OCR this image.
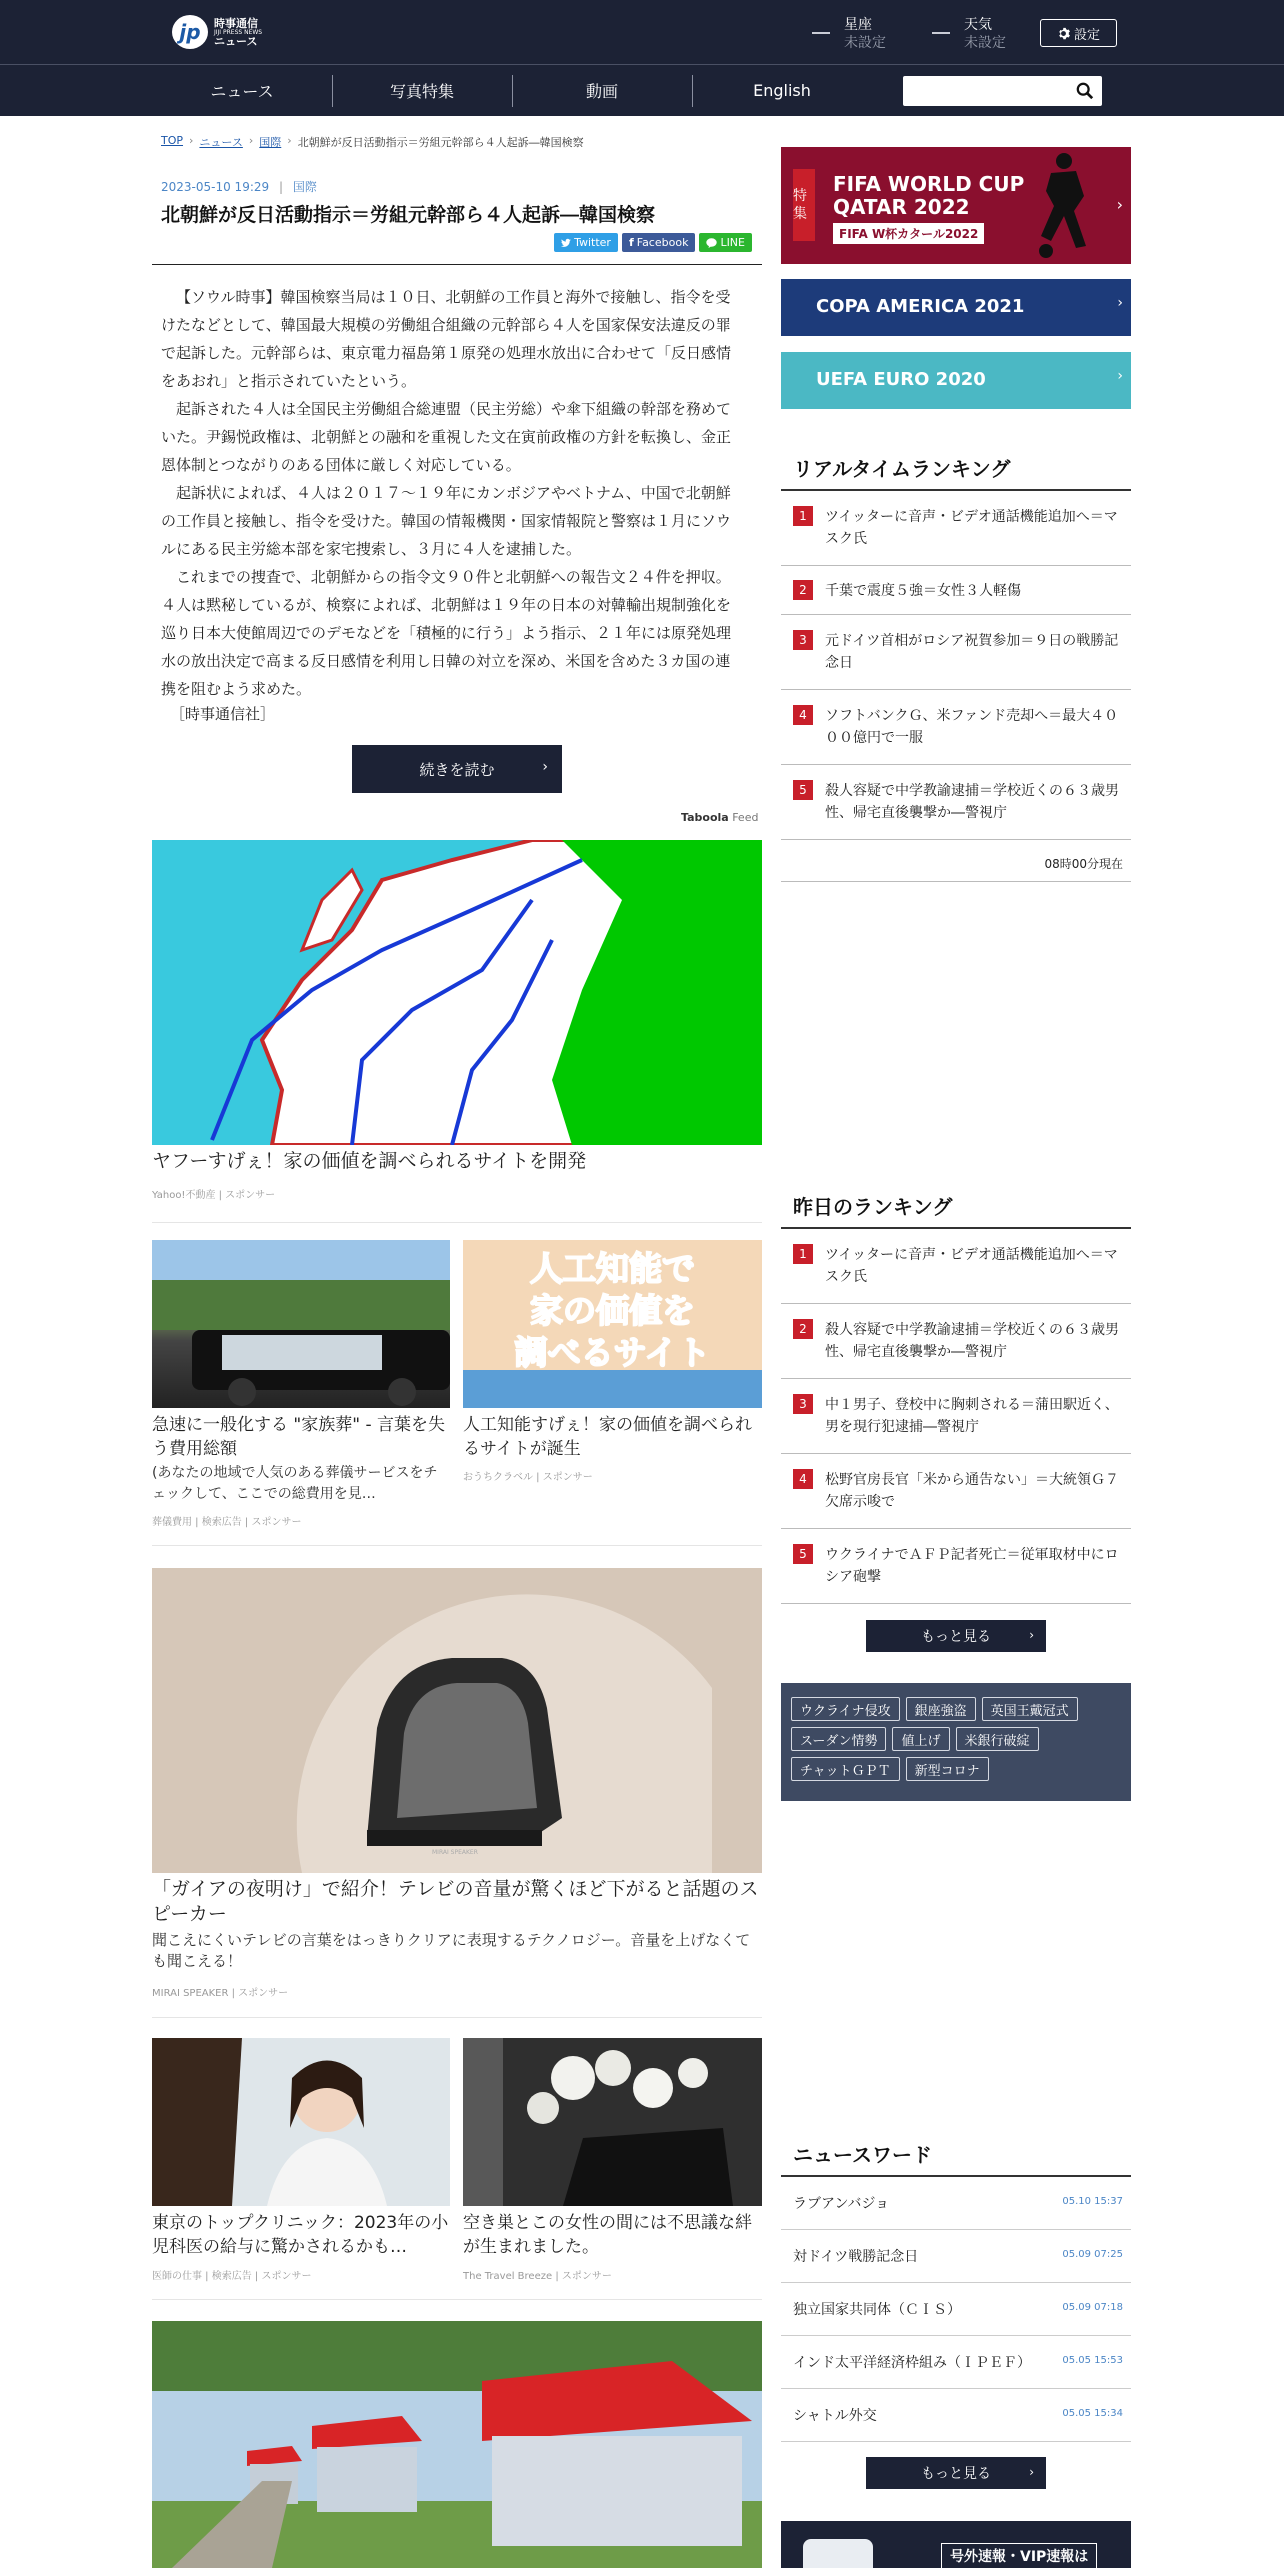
jp	時事通信
JIJI PRESS NEWS
ニュース
星座
未設定
天気
未設定	設定
ニュース	写真特集	動画	English
TOP › ニュース › 国際 › 北朝鮮が反日活動指示＝労組元幹部ら４人起訴―韓国検察
2023-05-10 19:29 | 国際
北朝鮮が反日活動指示＝労組元幹部ら４人起訴―韓国検察
Twitter f Facebook	LINE

【ソウル時事】韓国検察当局は１０日、北朝鮮の工作員と海外で接触し、指令を受けたなどとして、韓国最大規模の労働組合組織の元幹部ら４人を国家保安法違反の罪で起訴した。元幹部らは、東京電力福島第１原発の処理水放出に合わせて「反日感情をあおれ」と指示されていたという。

起訴された４人は全国民主労働組合総連盟（民主労総）や傘下組織の幹部を務めていた。尹錫悦政権は、北朝鮮との融和を重視した文在寅前政権の方針を転換し、金正恩体制とつながりのある団体に厳しく対応している。

起訴状によれば、４人は２０１７～１９年にカンボジアやベトナム、中国で北朝鮮の工作員と接触し、指令を受けた。韓国の情報機関・国家情報院と警察は１月にソウルにある民主労総本部を家宅捜索し、３月に４人を逮捕した。

これまでの捜査で、北朝鮮からの指令文９０件と北朝鮮への報告文２４件を押収。４人は黙秘しているが、検察によれば、北朝鮮は１９年の日本の対韓輸出規制強化を巡り日本大使館周辺でのデモなどを「積極的に行う」よう指示、２１年には原発処理水の放出決定で高まる反日感情を利用し日韓の対立を深め、米国を含めた３カ国の連携を阻むよう求めた。

［時事通信社］
続きを読む	›
Taboola Feed
ヤフーすげぇ！家の価値を調べられるサイトを開発
Yahoo!不動産 | スポンサー
人工知能で
家の価値を
調べるサイト
急速に一般化する "家族葬" - 言葉を失う費用総額
(あなたの地域で人気のある葬儀サービスをチェックして、ここでの総費用を見…
葬儀費用 | 検索広告 | スポンサー
人工知能すげぇ！家の価値を調べられるサイトが誕生
おうちクラベル | スポンサー
MIRAI SPEAKER
「ガイアの夜明け」で紹介！テレビの音量が驚くほど下がると話題のスピーカー
聞こえにくいテレビの言葉をはっきりクリアに表現するテクノロジー。音量を上げなくても聞こえる！
MIRAI SPEAKER | スポンサー
東京のトップクリニック：2023年の小児科医の給与に驚かされるかも…
医師の仕事 | 検索広告 | スポンサー
空き巣とこの女性の間には不思議な絆が生まれました。
The Travel Breeze | スポンサー
特集
FIFA WORLD CUP
QATAR 2022
FIFA W杯カタール2022
›
COPA AMERICA 2021	›
UEFA EURO 2020	›
リアルタイムランキング
1	ツイッターに音声・ビデオ通話機能追加へ＝マスク氏
2	千葉で震度５強＝女性３人軽傷
3	元ドイツ首相がロシア祝賀参加＝９日の戦勝記念日
4	ソフトバンクＧ、米ファンド売却へ＝最大４０００億円で一服
5	殺人容疑で中学教諭逮捕＝学校近くの６３歳男性、帰宅直後襲撃か―警視庁
08時00分現在
昨日のランキング
1	ツイッターに音声・ビデオ通話機能追加へ＝マスク氏
2	殺人容疑で中学教諭逮捕＝学校近くの６３歳男性、帰宅直後襲撃か―警視庁
3	中１男子、登校中に胸刺される＝蒲田駅近く、男を現行犯逮捕―警視庁
4	松野官房長官「米から通告ない」＝大統領Ｇ７欠席示唆で
5	ウクライナでＡＦＰ記者死亡＝従軍取材中にロシア砲撃
もっと見る	›
ウクライナ侵攻	銀座強盗	英国王戴冠式
スーダン情勢	値上げ	米銀行破綻
チャットＧＰＴ	新型コロナ
ニュースワード
ラブアンバジョ	05.10 15:37
対ドイツ戦勝記念日	05.09 07:25
独立国家共同体（ＣＩＳ）	05.09 07:18
インド太平洋経済枠組み（ＩＰＥＦ）	05.05 15:53
シャトル外交	05.05 15:34
もっと見る	›
号外速報・VIP速報は
